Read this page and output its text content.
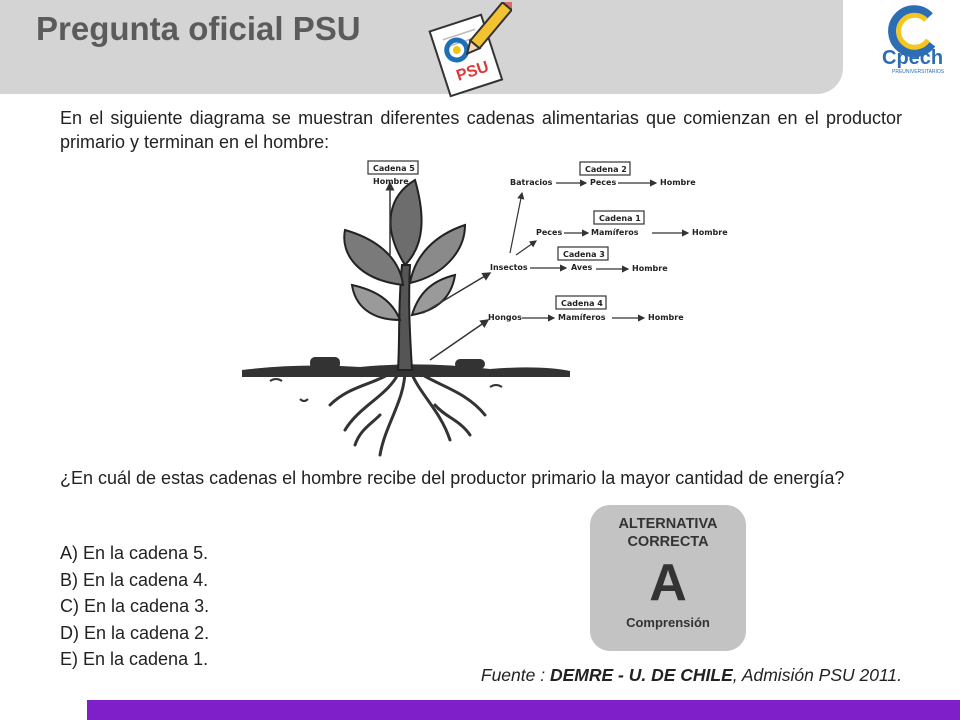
Pregunta oficial PSU
PSU
Cpech
PREUNIVERSITARIOS
En el siguiente diagrama se muestran diferentes cadenas alimentarias que comienzan en el productor primario y terminan en el hombre:
Cadena 5
Hombre
Cadena 2
Batracios	Peces	Hombre
Cadena 1
Peces	Mamíferos	Hombre
Cadena 3
Insectos	Aves	Hombre
Cadena 4
Hongos	Mamíferos	Hombre
¿En cuál de estas cadenas el hombre recibe del productor primario la mayor cantidad de energía?
A) En la cadena 5.
B) En la cadena 4.
C) En la cadena 3.
D) En la cadena 2.
E) En la cadena 1.
ALTERNATIVA
CORRECTA
A
Comprensión
Fuente : DEMRE - U. DE CHILE, Admisión PSU 2011.
